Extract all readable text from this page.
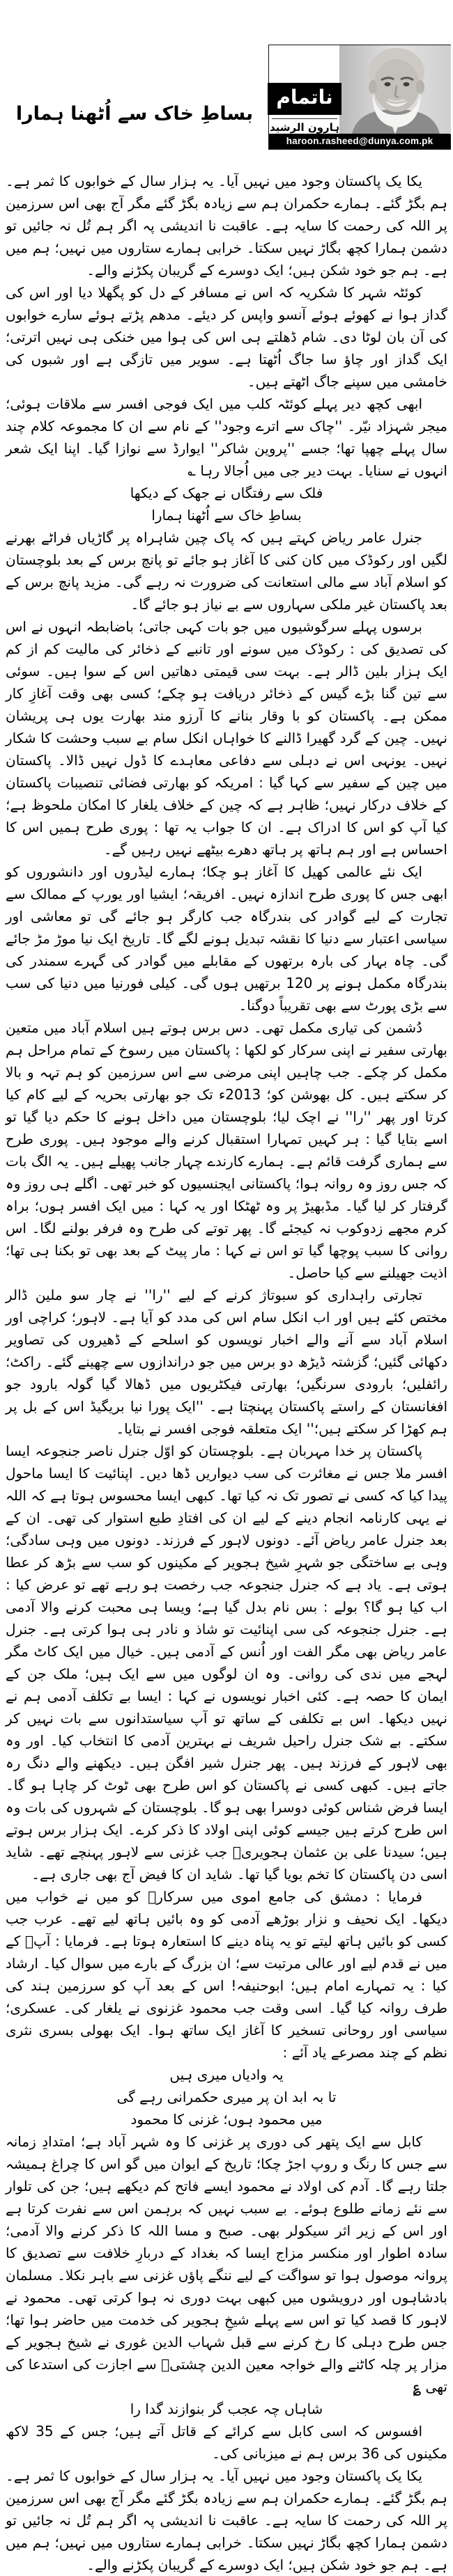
بساطِ خاک سے اُٹھنا ہمارا
ناتمام
ہارون الرشید
haroon.rasheed@dunya.com.pk

یکا یک پاکستان وجود میں نہیں آیا۔ یہ ہزار سال کے خوابوں کا ثمر ہے۔ ہم بگڑ گئے۔ ہمارے حکمران ہم سے زیادہ بگڑ گئے مگر آج بھی اس سرزمین پر اللہ کی رحمت کا سایہ ہے۔ عاقبت نا اندیشی پہ اگر ہم تُل نہ جائیں تو دشمن ہمارا کچھ بگاڑ نہیں سکتا۔ خرابی ہمارے ستاروں میں نہیں؛ ہم میں ہے۔ ہم جو خود شکن ہیں؛ ایک دوسرے کے گریبان پکڑنے والے۔

کوئٹہ شہر کا شکریہ کہ اس نے مسافر کے دل کو پگھلا دیا اور اس کی گداز ہوا نے کھوئے ہوئے آنسو واپس کر دیئے۔ مدھم پڑتے ہوئے سارے خوابوں کی آن بان لوٹا دی۔ شام ڈھلتے ہی اس کی ہوا میں خنکی ہی نہیں اترتی؛ ایک گداز اور چاؤ سا جاگ اُٹھتا ہے۔ سویر میں تازگی ہے اور شبوں کی خامشی میں سپنے جاگ اٹھتے ہیں۔

ابھی کچھ دیر پہلے کوئٹہ کلب میں ایک فوجی افسر سے ملاقات ہوئی؛ میجر شہزاد نیّر۔ ''چاک سے اترے وجود'' کے نام سے ان کا مجموعہ کلام چند سال پہلے چھپا تھا؛ جسے ''پروین شاکر'' ایوارڈ سے نوازا گیا۔ اپنا ایک شعر انہوں نے سنایا۔ بہت دیر جی میں اُجالا رہا ؎

فلک سے رفتگاں نے جھک کے دیکھا

بساطِ خاک سے اُٹھنا ہمارا

جنرل عامر ریاض کہتے ہیں کہ پاک چین شاہراہ پر گاڑیاں فراٹے بھرنے لگیں اور رکوڈک میں کان کنی کا آغاز ہو جائے تو پانچ برس کے بعد بلوچستان کو اسلام آباد سے مالی استعانت کی ضرورت نہ رہے گی۔ مزید پانچ برس کے بعد پاکستان غیر ملکی سہاروں سے بے نیاز ہو جائے گا۔

برسوں پہلے سرگوشیوں میں جو بات کہی جاتی؛ باضابطہ انہوں نے اس کی تصدیق کی : رکوڈک میں سونے اور تانبے کے ذخائر کی مالیت کم از کم ایک ہزار بلین ڈالر ہے۔ بہت سی قیمتی دھاتیں اس کے سوا ہیں۔ سوئی سے تین گنا بڑے گیس کے ذخائر دریافت ہو چکے؛ کسی بھی وقت آغازِ کار ممکن ہے۔ پاکستان کو با وقار بنانے کا آرزو مند بھارت یوں ہی پریشان نہیں۔ چین کے گرد گھیرا ڈالنے کا خواہاں انکل سام بے سبب وحشت کا شکار نہیں۔ یونہی اس نے دہلی سے دفاعی معاہدے کا ڈول نہیں ڈالا۔ پاکستان میں چین کے سفیر سے کہا گیا : امریکہ کو بھارتی فضائی تنصیبات پاکستان کے خلاف درکار نہیں؛ ظاہر ہے کہ چین کے خلاف یلغار کا امکان ملحوظ ہے؛ کیا آپ کو اس کا ادراک ہے۔ ان کا جواب یہ تھا : پوری طرح ہمیں اس کا احساس ہے اور ہم ہاتھ پر ہاتھ دھرے بیٹھے نہیں رہیں گے۔

ایک نئے عالمی کھیل کا آغاز ہو چکا؛ ہمارے لیڈروں اور دانشوروں کو ابھی جس کا پوری طرح اندازہ نہیں۔ افریقہ؛ ایشیا اور یورپ کے ممالک سے تجارت کے لیے گوادر کی بندرگاہ جب کارگر ہو جائے گی تو معاشی اور سیاسی اعتبار سے دنیا کا نقشہ تبدیل ہونے لگے گا۔ تاریخ ایک نیا موڑ مڑ جائے گی۔ چاہ بہار کی بارہ برتھوں کے مقابلے میں گوادر کی گہرے سمندر کی بندرگاہ مکمل ہونے پر 120 برتھیں ہوں گی۔ کیلی فورنیا میں دنیا کی سب سے بڑی پورٹ سے بھی تقریباً دوگنا۔

دُشمن کی تیاری مکمل تھی۔ دس برس ہوتے ہیں اسلام آباد میں متعین بھارتی سفیر نے اپنی سرکار کو لکھا : پاکستان میں رسوخ کے تمام مراحل ہم مکمل کر چکے۔ جب چاہیں اپنی مرضی سے اس سرزمین کو ہم تہہ و بالا کر سکتے ہیں۔ کل بھوشن کو؛ 2013ء تک جو بھارتی بحریہ کے لیے کام کیا کرتا اور پھر ''را'' نے اچک لیا؛ بلوچستان میں داخل ہونے کا حکم دیا گیا تو اسے بتایا گیا : ہر کہیں تمہارا استقبال کرنے والے موجود ہیں۔ پوری طرح سے ہماری گرفت قائم ہے۔ ہمارے کارندے چہار جانب پھیلے ہیں۔ یہ الگ بات کہ جس روز وہ روانہ ہوا؛ پاکستانی ایجنسیوں کو خبر تھی۔ اگلے ہی روز وہ گرفتار کر لیا گیا۔ مڈبھیڑ پر وہ ٹھٹکا اور یہ کہا : میں ایک افسر ہوں؛ براہ کرم مجھے زدوکوب نہ کیجئے گا۔ پھر توتے کی طرح وہ فرفر بولنے لگا۔ اس روانی کا سبب پوچھا گیا تو اس نے کہا : مار پیٹ کے بعد بھی تو بکنا ہی تھا؛ اذیت جھیلنے سے کیا حاصل۔

تجارتی راہداری کو سبوتاژ کرنے کے لیے ''را'' نے چار سو ملین ڈالر مختص کئے ہیں اور اب انکل سام اس کی مدد کو آیا ہے۔ لاہور؛ کراچی اور اسلام آباد سے آنے والے اخبار نویسوں کو اسلحے کے ڈھیروں کی تصاویر دکھائی گئیں؛ گزشتہ ڈیڑھ دو برس میں جو دراندازوں سے چھینے گئے۔ راکٹ؛ رائفلیں؛ بارودی سرنگیں؛ بھارتی فیکٹریوں میں ڈھالا گیا گولہ بارود جو افغانستان کے راستے پاکستان پہنچتا ہے۔ ''ایک پورا نیا بریگیڈ اس کے بل پر ہم کھڑا کر سکتے ہیں؛'' ایک متعلقہ فوجی افسر نے بتایا۔

پاکستان پر خدا مہربان ہے۔ بلوچستان کو اوّل جنرل ناصر جنجوعہ ایسا افسر ملا جس نے مغائرت کی سب دیواریں ڈھا دیں۔ اپنائیت کا ایسا ماحول پیدا کیا کہ کسی نے تصور تک نہ کیا تھا۔ کبھی ایسا محسوس ہوتا ہے کہ اللہ نے یہی کارنامہ انجام دینے کے لیے ان کی افتادِ طبع استوار کی تھی۔ ان کے بعد جنرل عامر ریاض آئے۔ دونوں لاہور کے فرزند۔ دونوں میں وہی سادگی؛ وہی بے ساختگی جو شہرِ شیخ ہجویر کے مکینوں کو سب سے بڑھ کر عطا ہوتی ہے۔ یاد ہے کہ جنرل جنجوعہ جب رخصت ہو رہے تھے تو عرض کیا : اب کیا ہو گا؟ بولے : بس نام بدل گیا ہے؛ ویسا ہی محبت کرنے والا آدمی ہے۔ جنرل جنجوعہ کی سی اپنائیت تو شاذ و نادر ہی ہوا کرتی ہے۔ جنرل عامر ریاض بھی مگر الفت اور اُنس کے آدمی ہیں۔ خیال میں ایک کاٹ مگر لہجے میں ندی کی روانی۔ وہ ان لوگوں میں سے ایک ہیں؛ ملک جن کے ایمان کا حصہ ہے۔ کئی اخبار نویسوں نے کہا : ایسا بے تکلف آدمی ہم نے نہیں دیکھا۔ اس بے تکلفی کے ساتھ تو آپ سیاستدانوں سے بات نہیں کر سکتے۔ بے شک جنرل راحیل شریف نے بہترین آدمی کا انتخاب کیا۔ اور وہ بھی لاہور کے فرزند ہیں۔ پھر جنرل شیر افگن ہیں۔ دیکھنے والے دنگ رہ جاتے ہیں۔ کبھی کسی نے پاکستان کو اس طرح بھی ٹوٹ کر چاہا ہو گا۔ ایسا فرض شناس کوئی دوسرا بھی ہو گا۔ بلوچستان کے شہروں کی بات وہ اس طرح کرتے ہیں جیسے کوئی اپنی اولاد کا ذکر کرے۔ ایک ہزار برس ہوتے ہیں؛ سیدنا علی بن عثمان ہجویریؒ جب غزنی سے لاہور پہنچے تھے۔ شاید اسی دن پاکستان کا تخم بویا گیا تھا۔ شاید ان کا فیض آج بھی جاری ہے۔

فرمایا : دمشق کی جامع اموی میں سرکارﷺ کو میں نے خواب میں دیکھا۔ ایک نحیف و نزار بوڑھے آدمی کو وہ بائیں ہاتھ لیے تھے۔ عرب جب کسی کو بائیں ہاتھ لیتے تو یہ پناہ دینے کا استعارہ ہوتا ہے۔ فرمایا : آپؐ کے میں نے قدم لیے اور عالی مرتبت سے؛ ان بزرگ کے بارے میں سوال کیا۔ ارشاد کیا : یہ تمہارے امام ہیں؛ ابوحنیفہ! اس کے بعد آپ کو سرزمین ہند کی طرف روانہ کیا گیا۔ اسی وقت جب محمود غزنوی نے یلغار کی۔ عسکری؛ سیاسی اور روحانی تسخیر کا آغاز ایک ساتھ ہوا۔ ایک بھولی بسری نثری نظم کے چند مصرعے یاد آئے :

یہ وادیاں میری ہیں

تا بہ ابد ان پر میری حکمرانی رہے گی

میں محمود ہوں؛ غزنی کا محمود

کابل سے ایک پتھر کی دوری پر غزنی کا وہ شہر آباد ہے؛ امتدادِ زمانہ سے جس کا رنگ و روپ اجڑ چکا؛ تاریخ کے ایوان میں گو اس کا چراغ ہمیشہ جلتا رہے گا۔ آدم کی اولاد نے محمود ایسے فاتح کم دیکھے ہیں؛ جن کی تلوار سے نئے زمانے طلوع ہوئے۔ بے سبب نہیں کہ برہمن اس سے نفرت کرتا ہے اور اس کے زیر اثر سیکولر بھی۔ صبح و مسا اللہ کا ذکر کرنے والا آدمی؛ سادہ اطوار اور منکسر مزاج ایسا کہ بغداد کے دربارِ خلافت سے تصدیق کا پروانہ موصول ہوا تو سواگت کے لیے ننگے پاؤں غزنی سے باہر نکلا۔ مسلمان بادشاہوں اور درویشوں میں کبھی بہت دوری نہ ہوا کرتی تھی۔ محمود نے لاہور کا قصد کیا تو اس سے پہلے شیخِ ہجویر کی خدمت میں حاضر ہوا تھا؛ جس طرح دہلی کا رخ کرنے سے قبل شہاب الدین غوری نے شیخ ہجویر کے مزار پر چلہ کاٹنے والے خواجہ معین الدین چشتیؒ سے اجازت کی استدعا کی تھی ؏

شاہاں چہ عجب گر بنوازند گدا را

افسوس کہ اسی کابل سے کرائے کے قاتل آتے ہیں؛ جس کے 35 لاکھ مکینوں کی 36 برس ہم نے میزبانی کی۔

یکا یک پاکستان وجود میں نہیں آیا۔ یہ ہزار سال کے خوابوں کا ثمر ہے۔ ہم بگڑ گئے۔ ہمارے حکمران ہم سے زیادہ بگڑ گئے مگر آج بھی اس سرزمین پر اللہ کی رحمت کا سایہ ہے۔ عاقبت نا اندیشی پہ اگر ہم تُل نہ جائیں تو دشمن ہمارا کچھ بگاڑ نہیں سکتا۔ خرابی ہمارے ستاروں میں نہیں؛ ہم میں ہے۔ ہم جو خود شکن ہیں؛ ایک دوسرے کے گریبان پکڑنے والے۔
